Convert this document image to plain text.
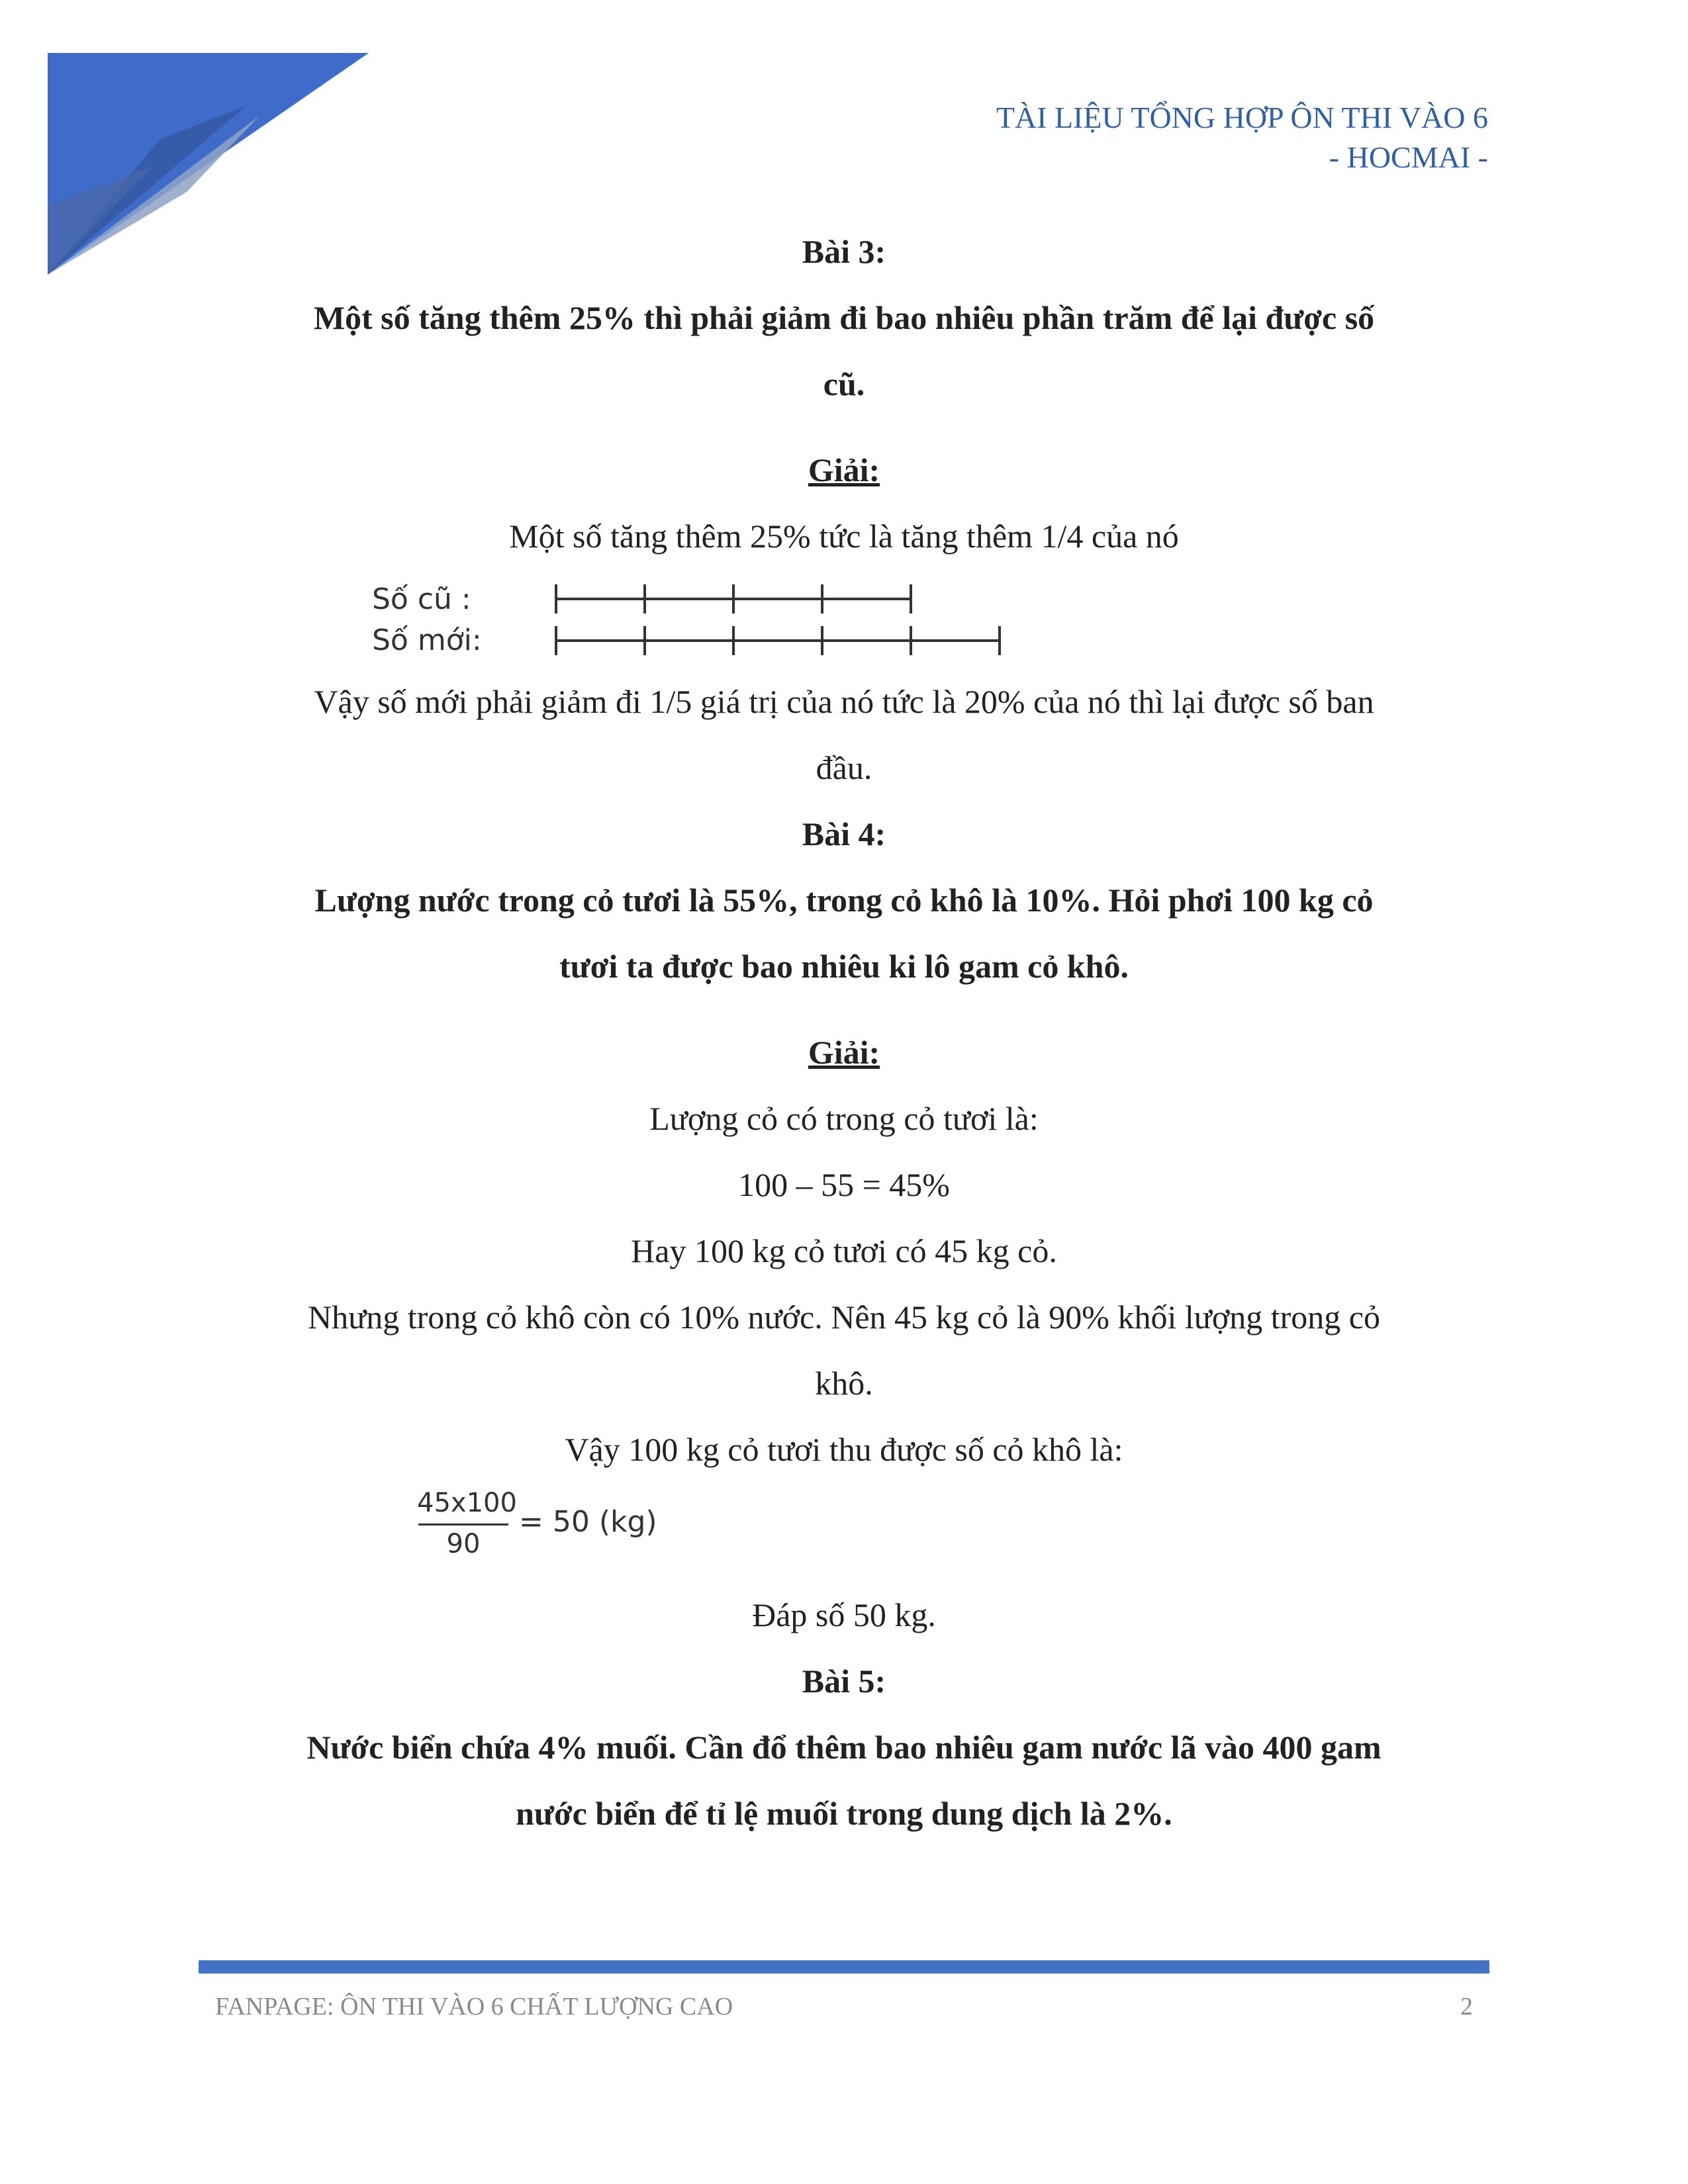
TÀI LIỆU TỔNG HỢP ÔN THI VÀO 6
- HOCMAI -
Bài 3:
Một số tăng thêm 25% thì phải giảm đi bao nhiêu phần trăm để lại được số
cũ.
Giải:
Một số tăng thêm 25% tức là tăng thêm 1/4 của nó
Số cũ :
Số mới:
Vậy số mới phải giảm đi 1/5 giá trị của nó tức là 20% của nó thì lại được số ban
đầu.
Bài 4:
Lượng nước trong cỏ tươi là 55%, trong cỏ khô là 10%. Hỏi phơi 100 kg cỏ
tươi ta được bao nhiêu ki lô gam cỏ khô.
Giải:
Lượng cỏ có trong cỏ tươi là:
100 – 55 = 45%
Hay 100 kg cỏ tươi có 45 kg cỏ.
Nhưng trong cỏ khô còn có 10% nước. Nên 45 kg cỏ là 90% khối lượng trong cỏ
khô.
Vậy 100 kg cỏ tươi thu được số cỏ khô là:
45x100
90
= 50 (kg)
Đáp số 50 kg.
Bài 5:
Nước biển chứa 4% muối. Cần đổ thêm bao nhiêu gam nước lã vào 400 gam
nước biển để tỉ lệ muối trong dung dịch là 2%.
FANPAGE: ÔN THI VÀO 6 CHẤT LƯỢNG CAO	2
